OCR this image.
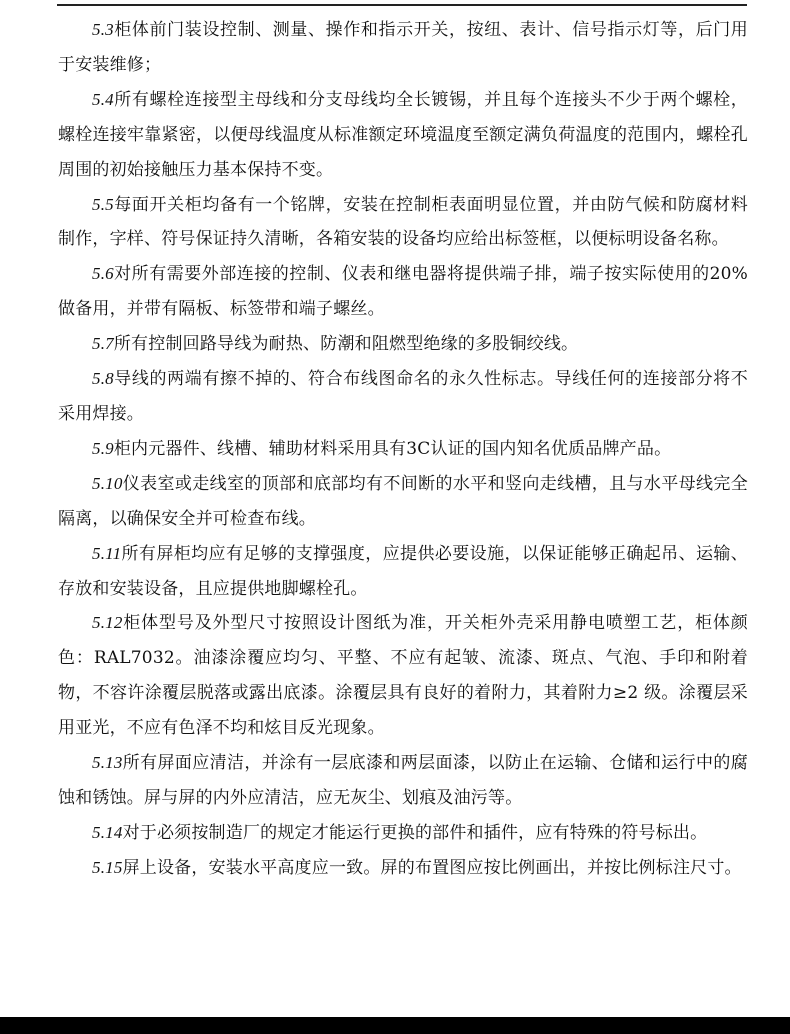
5.3柜体前门装设控制、测量、操作和指示开关，按纽、表计、信号指示灯等，后门用于安装维修；

5.4所有螺栓连接型主母线和分支母线均全长镀锡，并且每个连接头不少于两个螺栓，螺栓连接牢靠紧密，以便母线温度从标准额定环境温度至额定满负荷温度的范围内，螺栓孔周围的初始接触压力基本保持不变。

5.5每面开关柜均备有一个铭牌，安装在控制柜表面明显位置，并由防气候和防腐材料制作，字样、符号保证持久清晰，各箱安装的设备均应给出标签框，以便标明设备名称。

5.6对所有需要外部连接的控制、仪表和继电器将提供端子排，端子按实际使用的20%做备用，并带有隔板、标签带和端子螺丝。

5.7所有控制回路导线为耐热、防潮和阻燃型绝缘的多股铜绞线。

5.8导线的两端有擦不掉的、符合布线图命名的永久性标志。导线任何的连接部分将不采用焊接。

5.9柜内元器件、线槽、辅助材料采用具有3C认证的国内知名优质品牌产品。

5.10仪表室或走线室的顶部和底部均有不间断的水平和竖向走线槽，且与水平母线完全隔离，以确保安全并可检查布线。

5.11所有屏柜均应有足够的支撑强度，应提供必要设施，以保证能够正确起吊、运输、存放和安装设备，且应提供地脚螺栓孔。

5.12柜体型号及外型尺寸按照设计图纸为准，开关柜外壳采用静电喷塑工艺，柜体颜色：RAL7032。油漆涂覆应均匀、平整、不应有起皱、流漆、斑点、气泡、手印和附着物，不容许涂覆层脱落或露出底漆。涂覆层具有良好的着附力，其着附力≥2 级。涂覆层采用亚光，不应有色泽不均和炫目反光现象。

5.13所有屏面应清洁，并涂有一层底漆和两层面漆，以防止在运输、仓储和运行中的腐蚀和锈蚀。屏与屏的内外应清洁，应无灰尘、划痕及油污等。

5.14对于必须按制造厂的规定才能运行更换的部件和插件，应有特殊的符号标出。

5.15屏上设备，安装水平高度应一致。屏的布置图应按比例画出，并按比例标注尺寸。
